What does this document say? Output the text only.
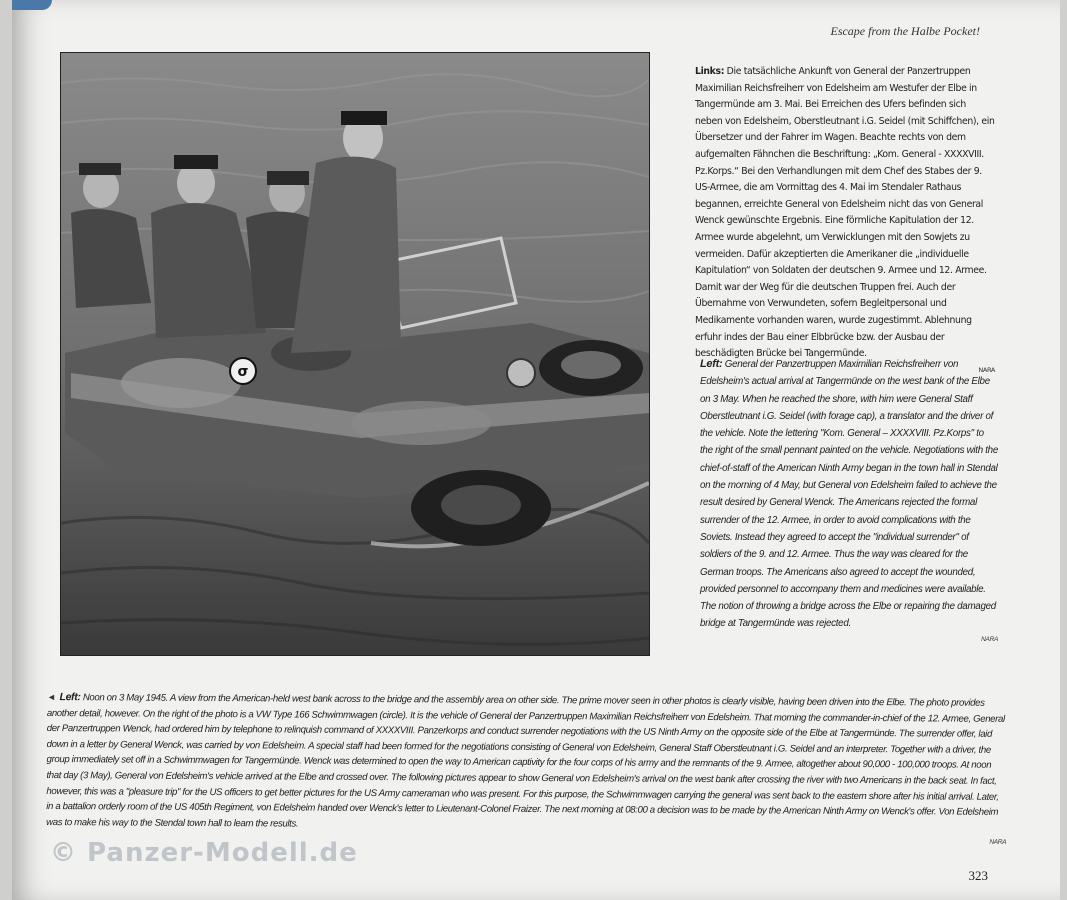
Escape from the Halbe Pocket!
σ
Links: Die tatsächliche Ankunft von General der Panzertruppen Maximilian Reichsfreiherr von Edelsheim am Westufer der Elbe in Tangermünde am 3. Mai. Bei Erreichen des Ufers befinden sich neben von Edelsheim, Oberstleutnant i.G. Seidel (mit Schiffchen), ein Übersetzer und der Fahrer im Wagen. Beachte rechts von dem aufgemalten Fähnchen die Beschriftung: „Kom. General - XXXXVIII. Pz.Korps.“ Bei den Verhandlungen mit dem Chef des Stabes der 9. US-Armee, die am Vormittag des 4. Mai im Stendaler Rathaus begannen, erreichte General von Edelsheim nicht das von General Wenck gewünschte Ergebnis. Eine förmliche Kapitulation der 12. Armee wurde abgelehnt, um Verwicklungen mit den Sowjets zu vermeiden. Dafür akzeptierten die Amerikaner die „individuelle Kapitulation“ von Soldaten der deutschen 9. Armee und 12. Armee. Damit war der Weg für die deutschen Truppen frei. Auch der Übernahme von Verwundeten, sofern Begleitpersonal und Medikamente vorhanden waren, wurde zugestimmt. Ablehnung erfuhr indes der Bau einer Elbbrücke bzw. der Ausbau der beschädigten Brücke bei Tangermünde.
NARA
Left: General der Panzertruppen Maximilian Reichsfreiherr von Edelsheim's actual arrival at Tangermünde on the west bank of the Elbe on 3 May. When he reached the shore, with him were General Staff Oberstleutnant i.G. Seidel (with forage cap), a translator and the driver of the vehicle. Note the lettering "Kom. General – XXXXVIII. Pz.Korps" to the right of the small pennant painted on the vehicle. Negotiations with the chief-of-staff of the American Ninth Army began in the town hall in Stendal on the morning of 4 May, but General von Edelsheim failed to achieve the result desired by General Wenck. The Americans rejected the formal surrender of the 12. Armee, in order to avoid complications with the Soviets. Instead they agreed to accept the "individual surrender" of soldiers of the 9. and 12. Armee. Thus the way was cleared for the German troops. The Americans also agreed to accept the wounded, provided personnel to accompany them and medicines were available. The notion of throwing a bridge across the Elbe or repairing the damaged bridge at Tangermünde was rejected.
NARA
◄ Left: Noon on 3 May 1945. A view from the American-held west bank across to the bridge and the assembly area on other side. The prime mover seen in other photos is clearly visible, having been driven into the Elbe. The photo provides another detail, however. On the right of the photo is a VW Type 166 Schwimmwagen (circle). It is the vehicle of General der Panzertruppen Maximilian Reichsfreiherr von Edelsheim. That morning the commander-in-chief of the 12. Armee, General der Panzertruppen Wenck, had ordered him by telephone to relinquish command of XXXXVIII. Panzerkorps and conduct surrender negotiations with the US Ninth Army on the opposite side of the Elbe at Tangermünde. The surrender offer, laid down in a letter by General Wenck, was carried by von Edelsheim. A special staff had been formed for the negotiations consisting of General von Edelsheim, General Staff Oberstleutnant i.G. Seidel and an interpreter. Together with a driver, the group immediately set off in a Schwimmwagen for Tangermünde. Wenck was determined to open the way to American captivity for the four corps of his army and the remnants of the 9. Armee, altogether about 90,000 - 100,000 troops. At noon that day (3 May), General von Edelsheim's vehicle arrived at the Elbe and crossed over. The following pictures appear to show General von Edelsheim's arrival on the west bank after crossing the river with two Americans in the back seat. In fact, however, this was a "pleasure trip" for the US officers to get better pictures for the US Army cameraman who was present. For this purpose, the Schwimmwagen carrying the general was sent back to the eastern shore after his initial arrival. Later, in a battalion orderly room of the US 405th Regiment, von Edelsheim handed over Wenck's letter to Lieutenant-Colonel Fraizer. The next morning at 08:00 a decision was to be made by the American Ninth Army on Wenck's offer. Von Edelsheim was to make his way to the Stendal town hall to learn the results.
NARA
© Panzer-Modell.de
323
